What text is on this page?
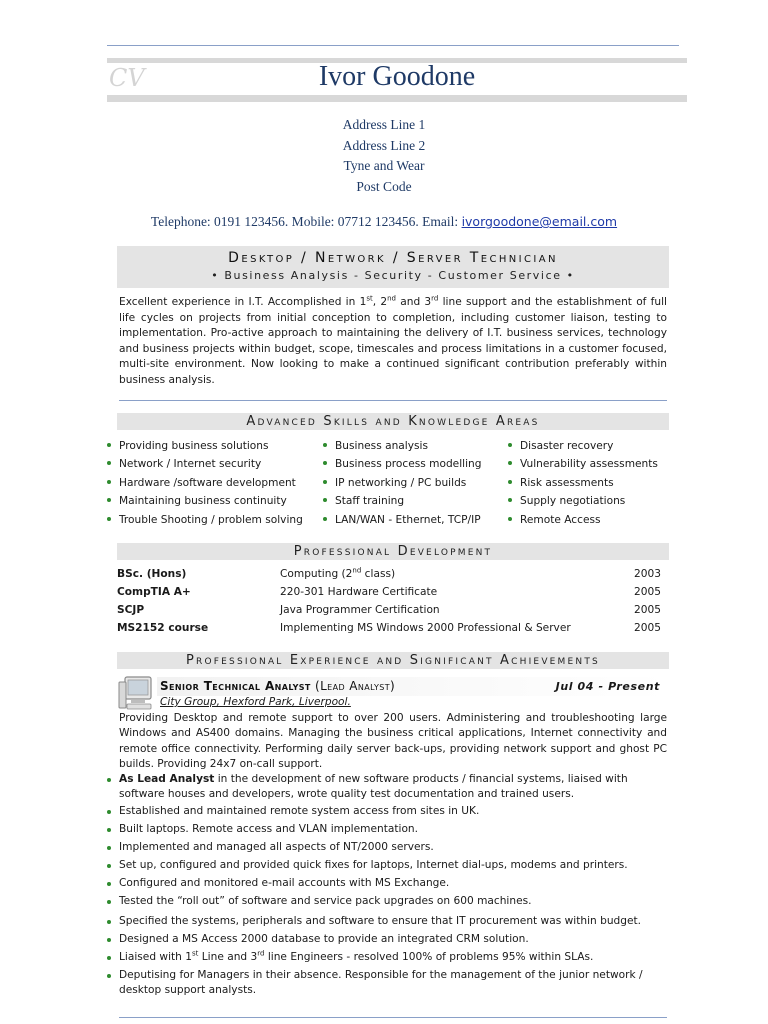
CV	Ivor Goodone
Address Line 1
Address Line 2
Tyne and Wear
Post Code
Telephone: 0191 123456. Mobile: 07712 123456. Email: ivorgoodone@email.com
Desktop / Network / Server Technician
• Business Analysis - Security - Customer Service •
Excellent experience in I.T. Accomplished in 1st, 2nd and 3rd line support and the establishment of full life cycles on projects from initial conception to completion, including customer liaison, testing to implementation. Pro-active approach to maintaining the delivery of I.T. business services, technology and business projects within budget, scope, timescales and process limitations in a customer focused, multi-site environment. Now looking to make a continued significant contribution preferably within business analysis.
Advanced Skills and Knowledge Areas
Providing business solutions
Network / Internet security
Hardware /software development
Maintaining business continuity
Trouble Shooting / problem solving
Business analysis
Business process modelling
IP networking / PC builds
Staff training
LAN/WAN - Ethernet, TCP/IP
Disaster recovery
Vulnerability assessments
Risk assessments
Supply negotiations
Remote Access
Professional Development
BSc. (Hons)	Computing (2nd class)	2003
CompTIA A+	220-301 Hardware Certificate	2005
SCJP	Java Programmer Certification	2005
MS2152 course	Implementing MS Windows 2000 Professional & Server	2005
Professional Experience and Significant Achievements
Senior Technical Analyst (Lead Analyst)	Jul 04 - Present
City Group, Hexford Park, Liverpool.
Providing Desktop and remote support to over 200 users. Administering and troubleshooting large Windows and AS400 domains. Managing the business critical applications, Internet connectivity and remote office connectivity. Performing daily server back-ups, providing network support and ghost PC builds. Providing 24x7 on-call support.
As Lead Analyst in the development of new software products / financial systems, liaised with software houses and developers, wrote quality test documentation and trained users.
Established and maintained remote system access from sites in UK.
Built laptops. Remote access and VLAN implementation.
Implemented and managed all aspects of NT/2000 servers.
Set up, configured and provided quick fixes for laptops, Internet dial-ups, modems and printers.
Configured and monitored e-mail accounts with MS Exchange.
Tested the “roll out” of software and service pack upgrades on 600 machines.
Specified the systems, peripherals and software to ensure that IT procurement was within budget.
Designed a MS Access 2000 database to provide an integrated CRM solution.
Liaised with 1st Line and 3rd line Engineers - resolved 100% of problems 95% within SLAs.
Deputising for Managers in their absence. Responsible for the management of the junior network / desktop support analysts.
